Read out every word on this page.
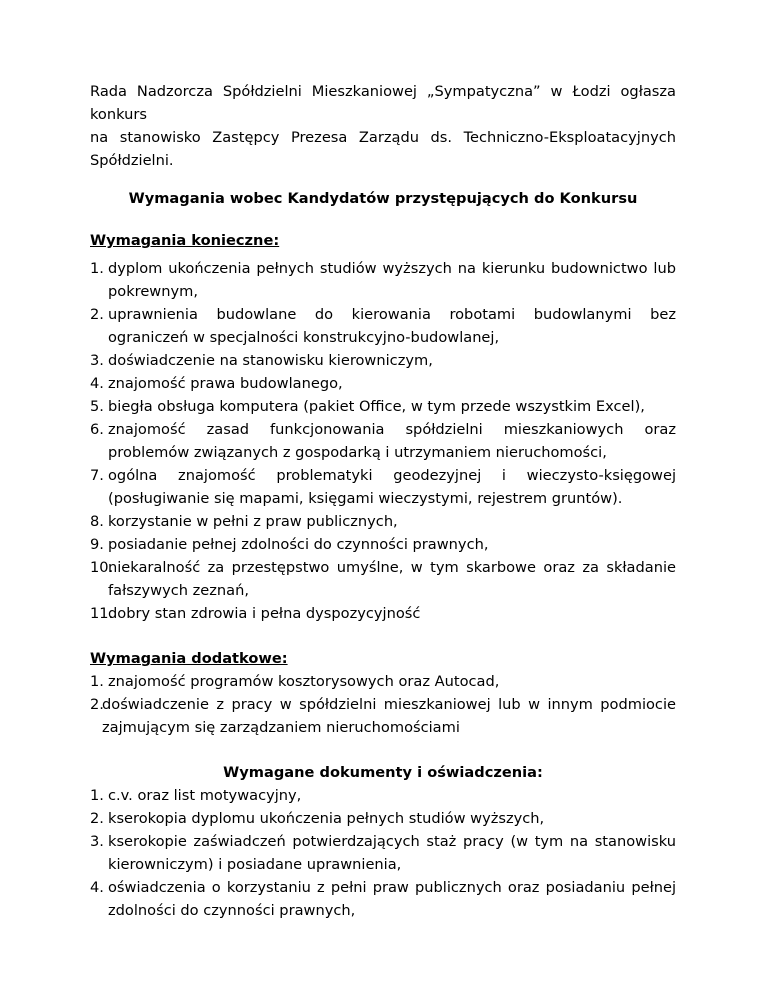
Rada Nadzorcza Spółdzielni Mieszkaniowej „Sympatyczna” w Łodzi ogłasza konkurs

na stanowisko Zastępcy Prezesa Zarządu ds. Techniczno-Eksploatacyjnych

Spółdzielni.

Wymagania wobec Kandydatów przystępujących do Konkursu

Wymagania konieczne:

1. dyplom ukończenia pełnych studiów wyższych na kierunku budownictwo lub pokrewnym,
2. uprawnienia budowlane do kierowania robotami budowlanymi bez ograniczeń w specjalności konstrukcyjno-budowlanej,
3. doświadczenie na stanowisku kierowniczym,
4. znajomość prawa budowlanego,
5. biegła obsługa komputera (pakiet Office, w tym przede wszystkim Excel),
6. znajomość zasad funkcjonowania spółdzielni mieszkaniowych oraz problemów związanych z gospodarką i utrzymaniem nieruchomości,
7. ogólna znajomość problematyki geodezyjnej i wieczysto-księgowej (posługiwanie się mapami, księgami wieczystymi, rejestrem gruntów).
8. korzystanie w pełni z praw publicznych,
9. posiadanie pełnej zdolności do czynności prawnych,
10.
niekaralność za przestępstwo umyślne, w tym skarbowe oraz za składanie fałszywych zeznań,
11.
dobry stan zdrowia i pełna dyspozycyjność

Wymagania dodatkowe:

1. znajomość programów kosztorysowych oraz Autocad,
2.
doświadczenie z pracy w spółdzielni mieszkaniowej lub w innym podmiocie zajmującym się zarządzaniem nieruchomościami

Wymagane dokumenty i oświadczenia:

1. c.v. oraz list motywacyjny,
2. kserokopia dyplomu ukończenia pełnych studiów wyższych,
3. kserokopie zaświadczeń potwierdzających staż pracy (w tym na stanowisku kierowniczym) i posiadane uprawnienia,
4. oświadczenia o korzystaniu z pełni praw publicznych oraz posiadaniu pełnej zdolności do czynności prawnych,
